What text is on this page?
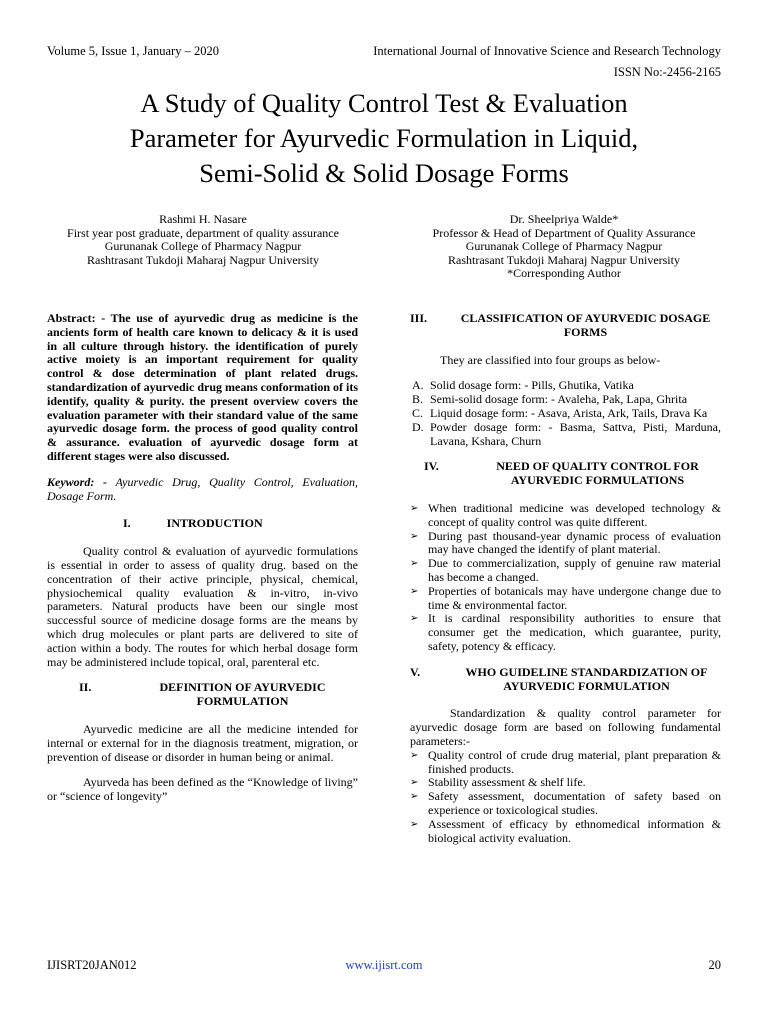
Volume 5, Issue 1, January – 2020	International Journal of Innovative Science and Research Technology
ISSN No:-2456-2165
A Study of Quality Control Test & Evaluation
Parameter for Ayurvedic Formulation in Liquid,
Semi-Solid & Solid Dosage Forms
Rashmi H. Nasare
First year post graduate, department of quality assurance
Gurunanak College of Pharmacy Nagpur
Rashtrasant Tukdoji Maharaj Nagpur University
Dr. Sheelpriya Walde*
Professor & Head of Department of Quality Assurance
Gurunanak College of Pharmacy Nagpur
Rashtrasant Tukdoji Maharaj Nagpur University
*Corresponding Author

Abstract: - The use of ayurvedic drug as medicine is the ancients form of health care known to delicacy & it is used in all culture through history. the identification of purely active moiety is an important requirement for quality control & dose determination of plant related drugs. standardization of ayurvedic drug means conformation of its identify, quality & purity. the present overview covers the evaluation parameter with their standard value of the same ayurvedic dosage form. the process of good quality control & assurance. evaluation of ayurvedic dosage form at different stages were also discussed.

Keyword: - Ayurvedic Drug, Quality Control, Evaluation, Dosage Form.

I.	INTRODUCTION

Quality control & evaluation of ayurvedic formulations is essential in order to assess of quality drug. based on the concentration of their active principle, physical, chemical, physiochemical quality evaluation & in-vitro, in-vivo parameters. Natural products have been our single most successful source of medicine dosage forms are the means by which drug molecules or plant parts are delivered to site of action within a body. The routes for which herbal dosage form may be administered include topical, oral, parenteral etc.

II.	DEFINITION OF AYURVEDIC
FORMULATION

Ayurvedic medicine are all the medicine intended for internal or external for in the diagnosis treatment, migration, or prevention of disease or disorder in human being or animal.

Ayurveda has been defined as the “Knowledge of living” or “science of longevity”

III.	CLASSIFICATION OF AYURVEDIC DOSAGE
FORMS

They are classified into four groups as below-

A. Solid dosage form: - Pills, Ghutika, Vatika
B. Semi-solid dosage form: - Avaleha, Pak, Lapa, Ghrita
C. Liquid dosage form: - Asava, Arista, Ark, Tails, Drava Ka
D. Powder dosage form: - Basma, Sattva, Pisti, Marduna, Lavana, Kshara, Churn
IV.	NEED OF QUALITY CONTROL FOR
AYURVEDIC FORMULATIONS
➢ When traditional medicine was developed technology & concept of quality control was quite different.
➢ During past thousand-year dynamic process of evaluation may have changed the identify of plant material.
➢ Due to commercialization, supply of genuine raw material has become a changed.
➢ Properties of botanicals may have undergone change due to time & environmental factor.
➢ It is cardinal responsibility authorities to ensure that consumer get the medication, which guarantee, purity, safety, potency & efficacy.
V.	WHO GUIDELINE STANDARDIZATION OF
AYURVEDIC FORMULATION

Standardization & quality control parameter for ayurvedic dosage form are based on following fundamental parameters:-

➢ Quality control of crude drug material, plant preparation & finished products.
➢ Stability assessment & shelf life.
➢ Safety assessment, documentation of safety based on experience or toxicological studies.
➢ Assessment of efficacy by ethnomedical information & biological activity evaluation.
IJISRT20JAN012	www.ijisrt.com	20
